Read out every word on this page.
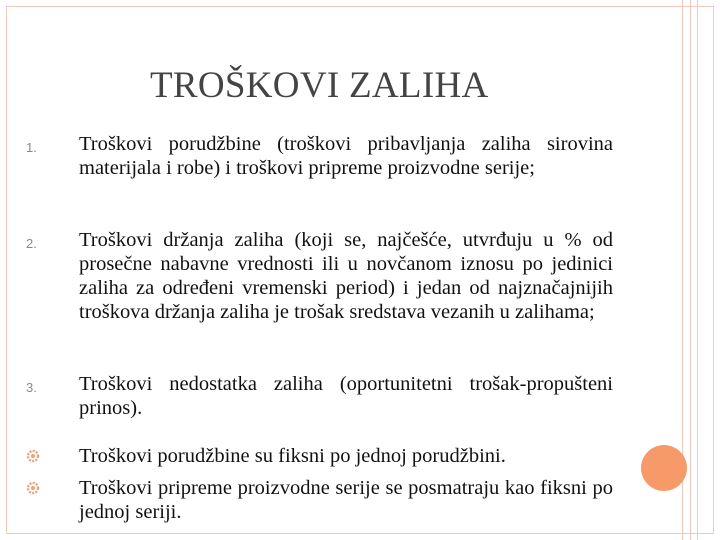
TROŠKOVI ZALIHA
1. Troškovi porudžbine (troškovi pribavljanja zaliha sirovina materijala i robe) i troškovi pripreme proizvodne serije;

2. Troškovi držanja zaliha (koji se, najčešće, utvrđuju u % od prosečne nabavne vrednosti ili u novčanom iznosu po jedinici zaliha za određeni vremenski period) i jedan od najznačajnijih troškova držanja zaliha je trošak sredstava vezanih u zalihama;

3. Troškovi nedostatka zaliha (oportunitetni trošak-propušteni prinos).

Troškovi porudžbine su fiksni po jednoj porudžbini.

Troškovi pripreme proizvodne serije se posmatraju kao fiksni po jednoj seriji.
